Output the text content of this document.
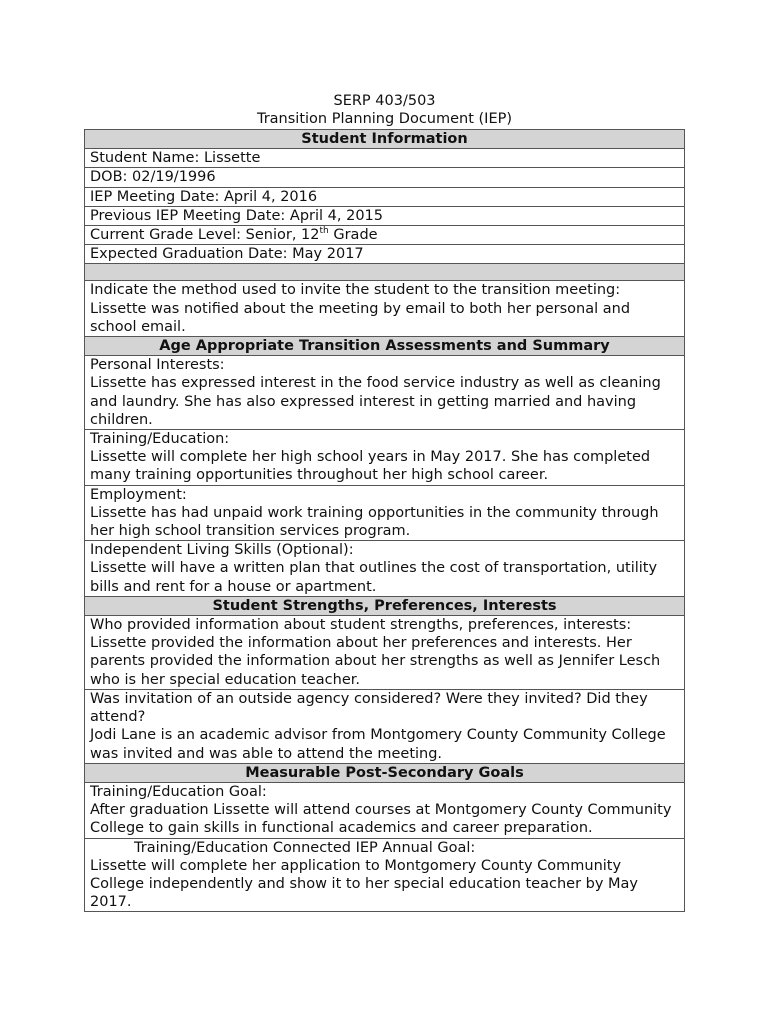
SERP 403/503
Transition Planning Document (IEP)
Student Information
Student Name: Lissette
DOB: 02/19/1996
IEP Meeting Date: April 4, 2016
Previous IEP Meeting Date: April 4, 2015
Current Grade Level: Senior, 12th Grade
Expected Graduation Date: May 2017

Indicate the method used to invite the student to the transition meeting:
Lissette was notified about the meeting by email to both her personal and school email.

Age Appropriate Transition Assessments and Summary

Personal Interests:
Lissette has expressed interest in the food service industry as well as cleaning and laundry. She has also expressed interest in getting married and having children.

Training/Education:
Lissette will complete her high school years in May 2017. She has completed many training opportunities throughout her high school career.

Employment:
Lissette has had unpaid work training opportunities in the community through her high school transition services program.

Independent Living Skills (Optional):
Lissette will have a written plan that outlines the cost of transportation, utility bills and rent for a house or apartment.

Student Strengths, Preferences, Interests

Who provided information about student strengths, preferences, interests:
Lissette provided the information about her preferences and interests. Her parents provided the information about her strengths as well as Jennifer Lesch who is her special education teacher.

Was invitation of an outside agency considered? Were they invited? Did they attend?
Jodi Lane is an academic advisor from Montgomery County Community College was invited and was able to attend the meeting.

Measurable Post-Secondary Goals

Training/Education Goal:
After graduation Lissette will attend courses at Montgomery County Community College to gain skills in functional academics and career preparation.

Training/Education Connected IEP Annual Goal:
Lissette will complete her application to Montgomery County Community College independently and show it to her special education teacher by May 2017.
